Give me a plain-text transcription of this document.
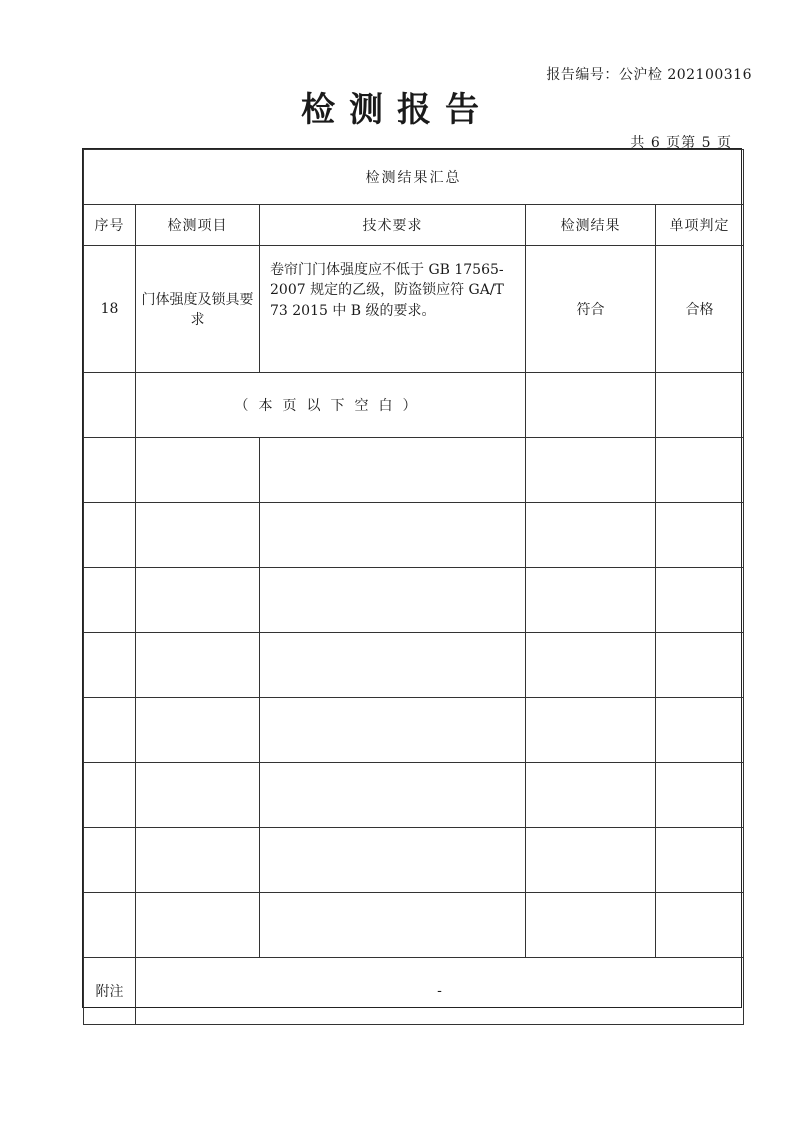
报告编号：公沪检 202100316
检测报告
共 6 页第 5 页
检测结果汇总				
序号	检测项目	技术要求	检测结果	单项判定
18	门体强度及锁具要求	卷帘门门体强度应不低于 GB 17565-2007 规定的乙级，防盗锁应符 GA/T 73 2015 中 B 级的要求。	符合	合格
	（本页以下空白）			

附注	-			
